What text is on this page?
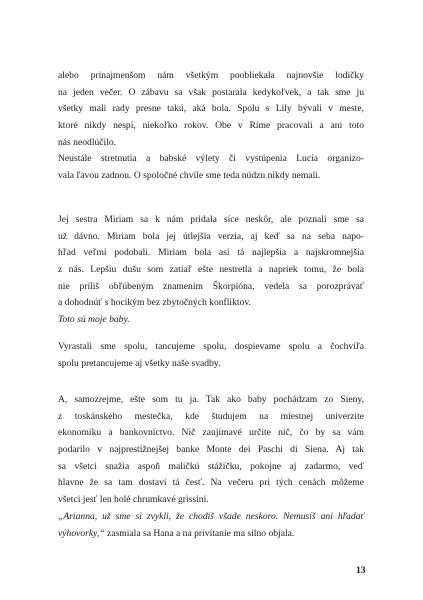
alebo prinajmenšom nám všetkým poobliekala najnovšie lodičky
na jeden večer. O zábavu sa však postarala kedykoľvek, a tak sme ju
všetky mali rady presne takú, aká bola. Spolu s Lily bývali v meste,
ktoré nikdy nespí, niekoľko rokov. Obe v Ríme pracovali a ani toto
nás neodlúčilo.
Neustále stretnutia a babské výlety či vystúpenia Lucia organizo-
vala ľavou zadnou. O spoločné chvíle sme teda núdzu nikdy nemali.
Jej sestra Miriam sa k nám pridala síce neskôr, ale poznali sme sa
už dávno. Miriam bola jej útlejšia verzia, aj keď sa na seba napo-
hľad veľmi podobali. Miriam bola asi tá najlepšia a najskromnejšia
z nás. Lepšiu dušu som zatiaľ ešte nestretla a napriek tomu, že bola
nie príliš obľúbeným znamením Škorpióna, vedela sa porozprávať
a dohodnúť s hocikým bez zbytočných konfliktov.
Toto sú moje baby.
Vyrastali sme spolu, tancujeme spolu, dospievame spolu a čochvíľa
spolu pretancujeme aj všetky naše svadby.
A, samozrejme, ešte som tu ja. Tak ako baby pochádzam zo Sieny,
z toskánskeho mestečka, kde študujem na miestnej univerzite
ekonomiku a bankovníctvo. Nič zaujímavé určite nič, čo by sa vám
podarilo v najprestížnejšej banke Monte dei Paschi di Siena. Aj tak
sa všetci snažia aspoň maličkú stážičku, pokojne aj zadarmo, veď
hlavne že sa tam dostaví tá česť. Na večeru pri tých cenách môžeme
všetci jesť len holé chrumkavé grissini.
„Arianna, už sme si zvykli, že chodíš všade neskoro. Nemusíš ani hľadať
výhovorky,“ zasmiala sa Hana a na privítanie ma silno objala.
13
